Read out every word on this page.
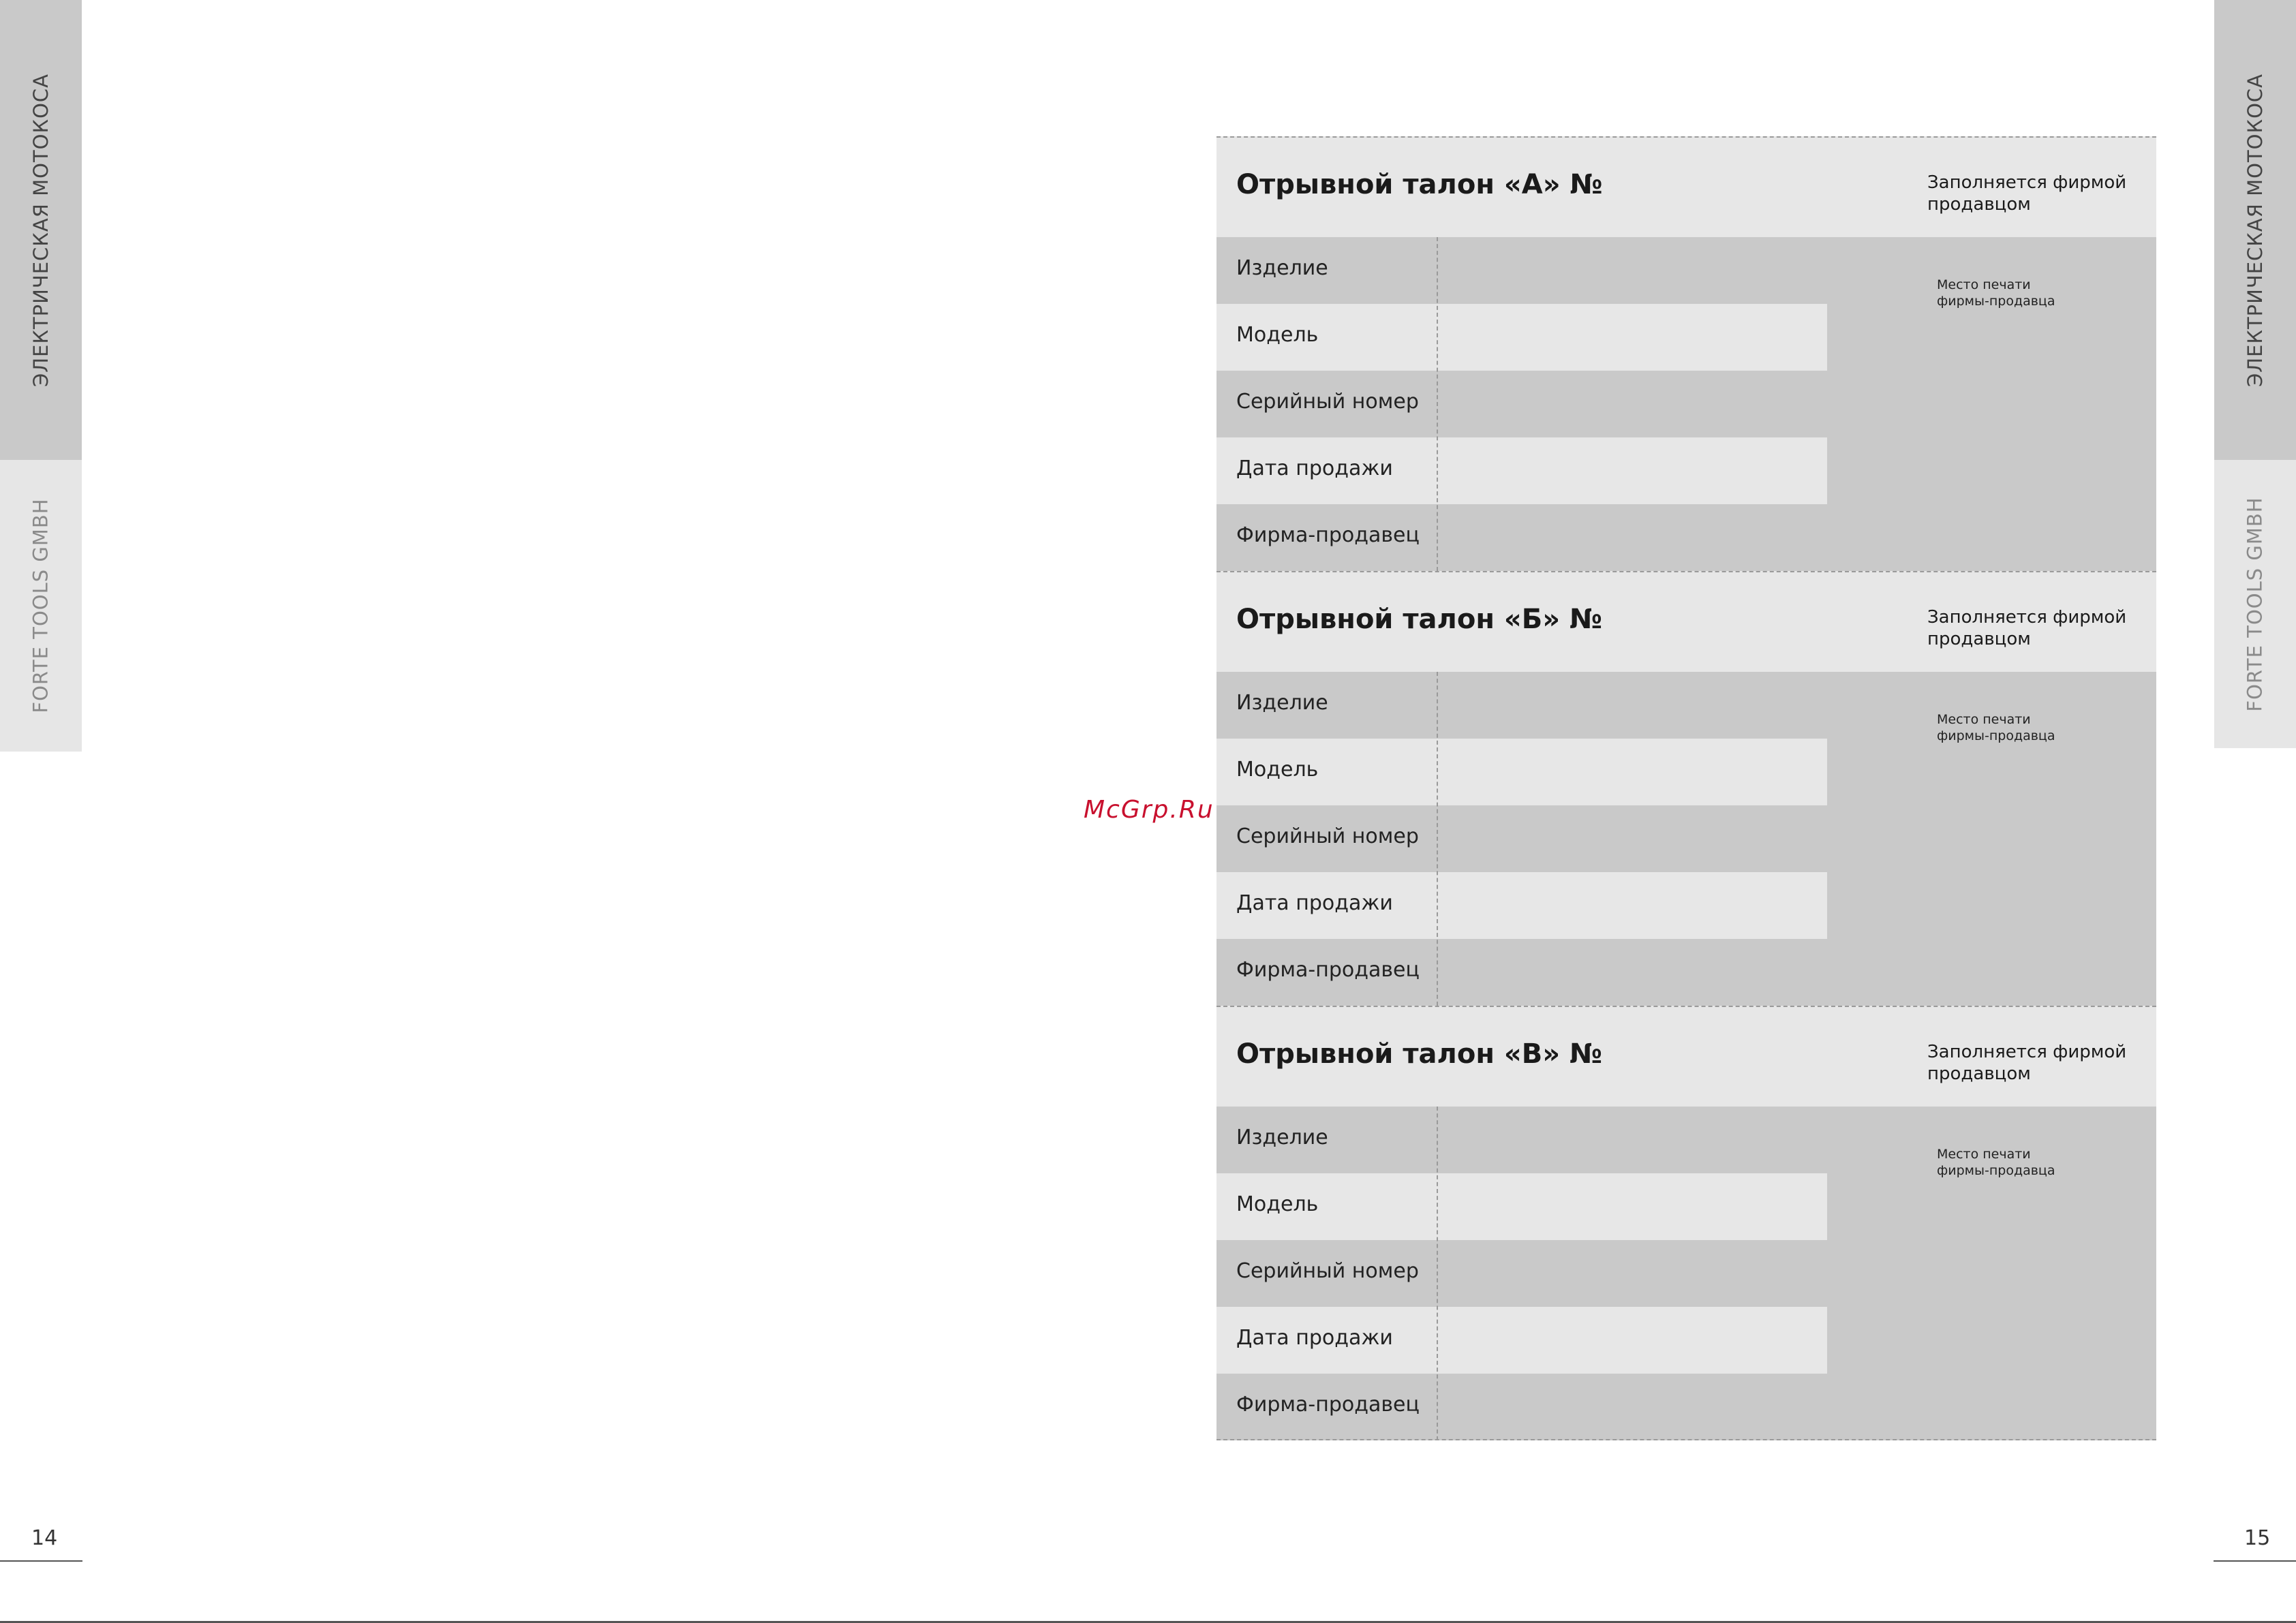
ЭЛЕКТРИЧЕСКАЯ МОТОКОСА
FORTE TOOLS GMBH
ЭЛЕКТРИЧЕСКАЯ МОТОКОСА
FORTE TOOLS GMBH
14	15
McGrp.Ru
Отрывной талон «А» №	Заполняется фирмой продавцом
Изделие
Модель
Серийный номер
Дата продажи
Фирма-продавец
Место печати фирмы-продавца
Отрывной талон «Б» №	Заполняется фирмой продавцом
Изделие
Модель
Серийный номер
Дата продажи
Фирма-продавец
Место печати фирмы-продавца
Отрывной талон «В» №	Заполняется фирмой продавцом
Изделие
Модель
Серийный номер
Дата продажи
Фирма-продавец
Место печати фирмы-продавца
